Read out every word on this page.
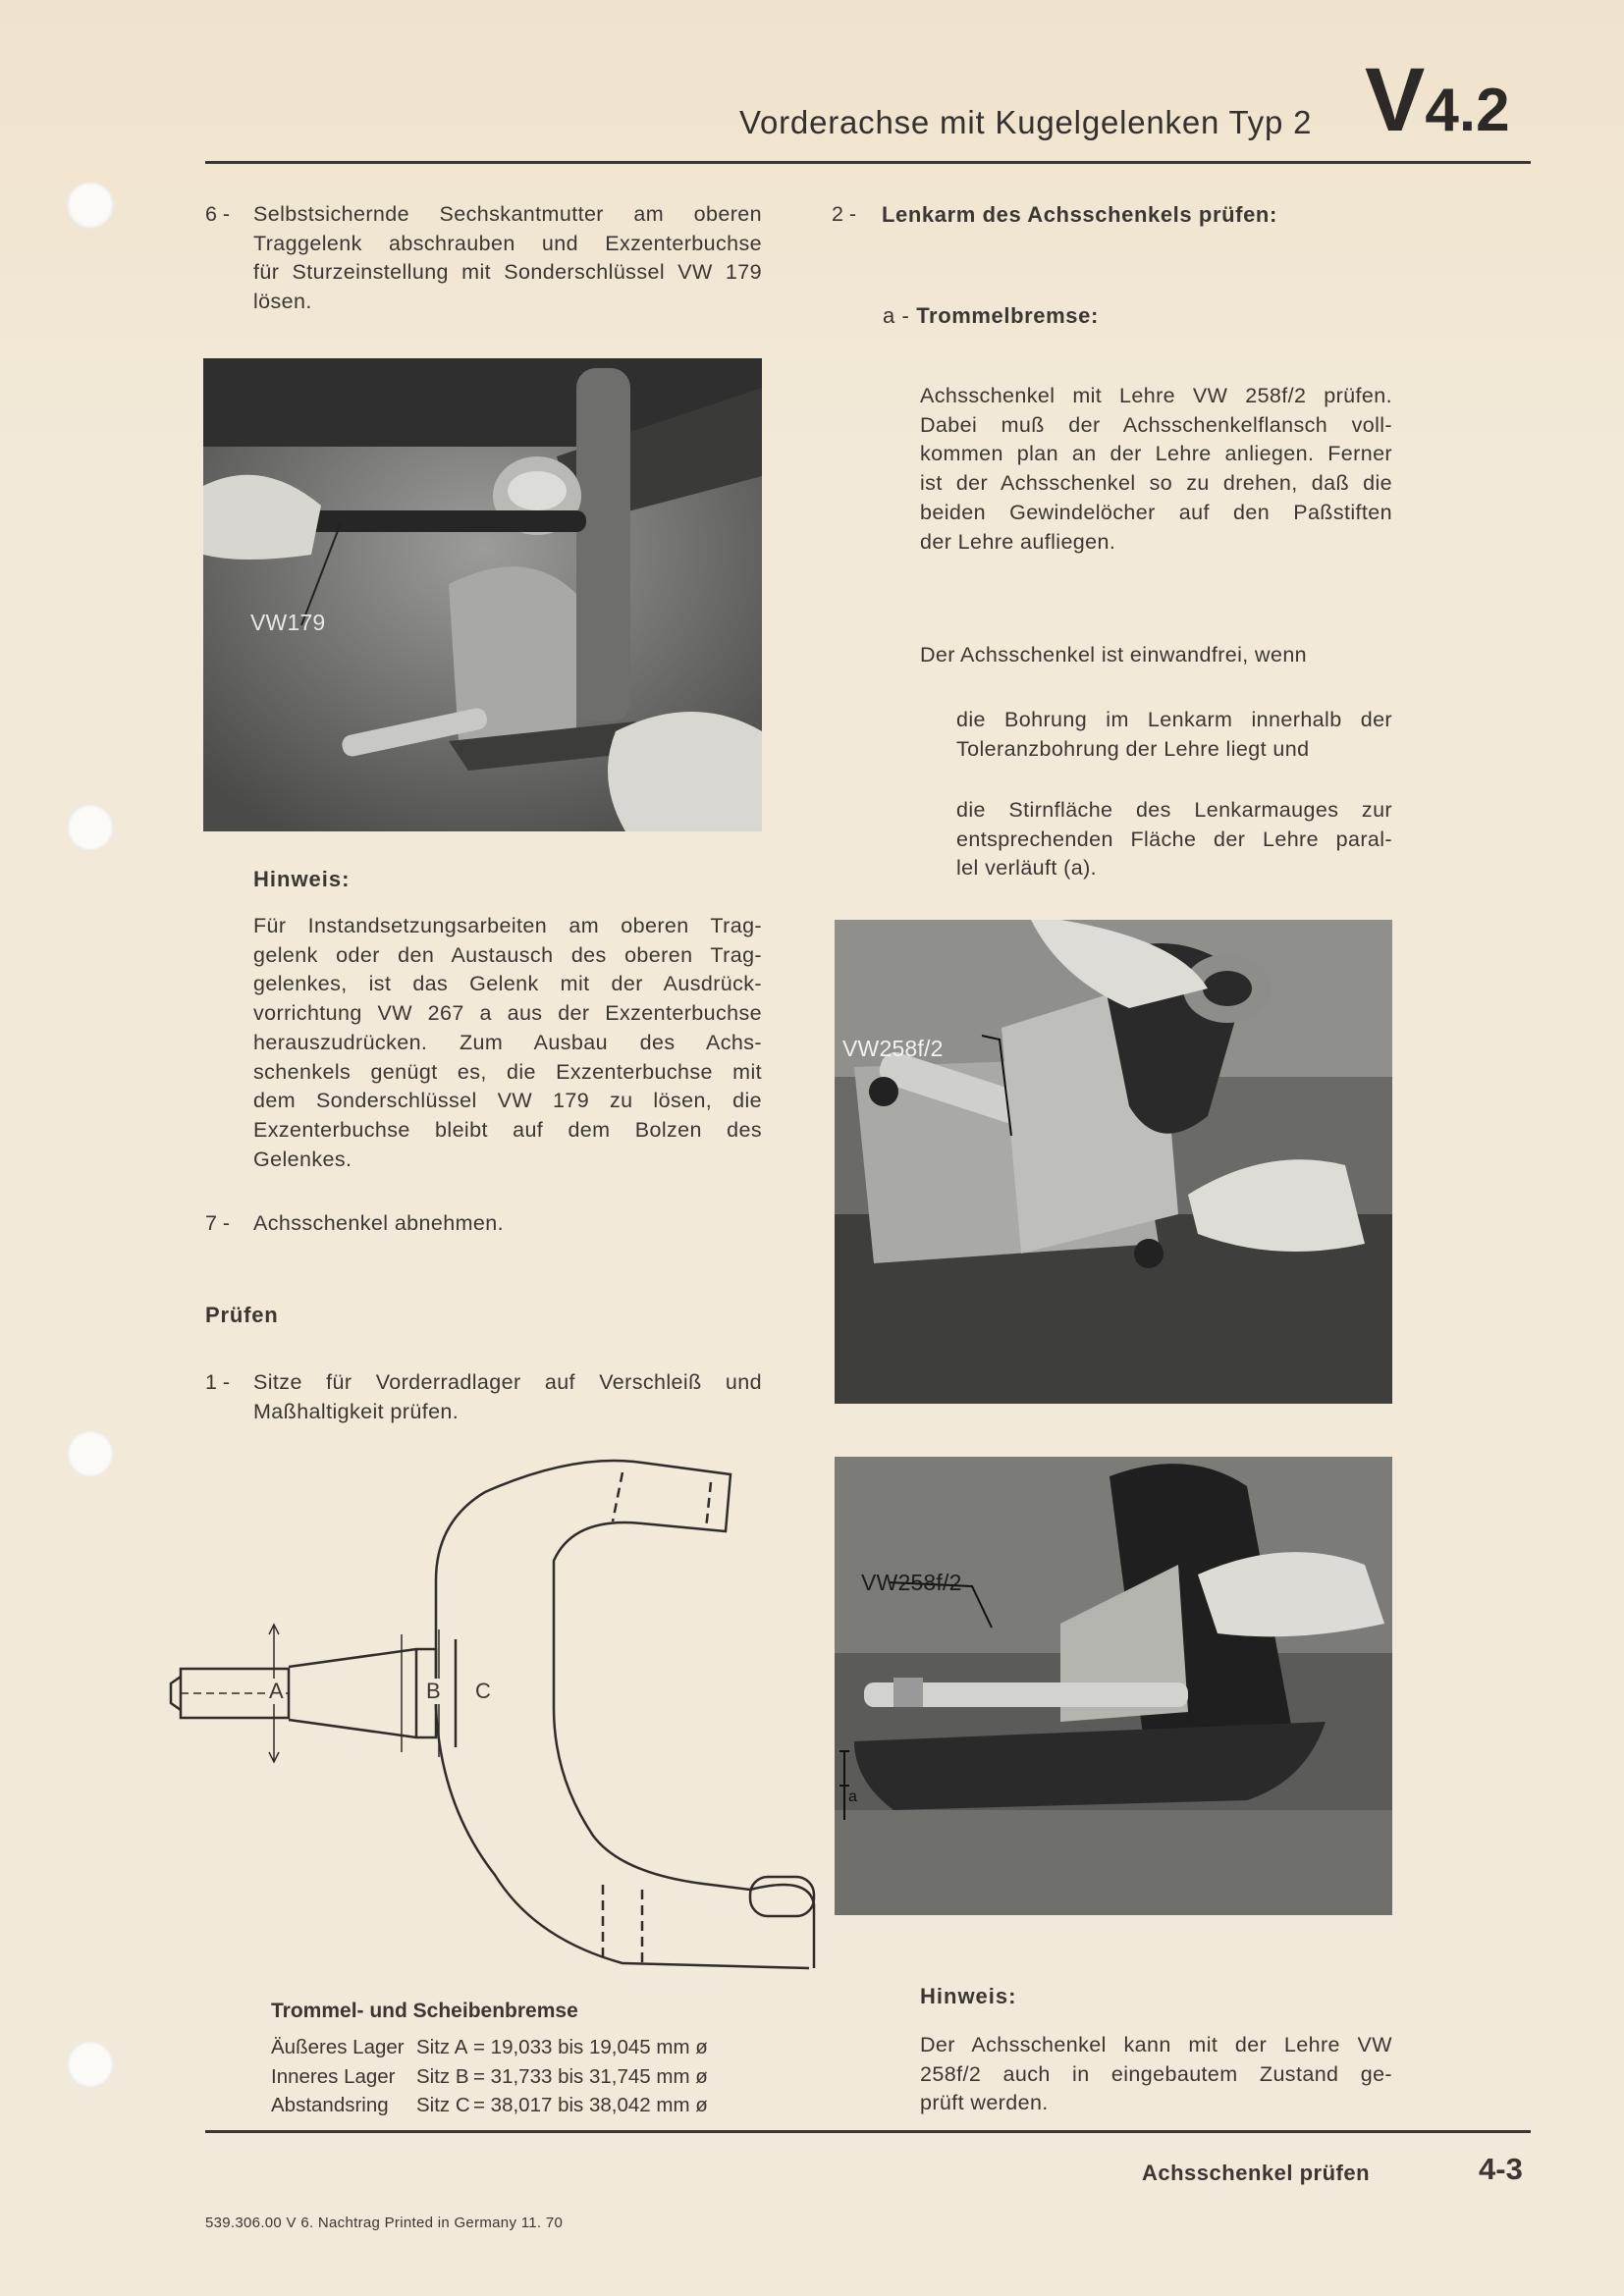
Vorderachse mit Kugelgelenken Typ 2 V4.2
6 - Selbstsichernde Sechskantmutter am oberen
Traggelenk abschrauben und Exzenterbuchse
für Sturzeinstellung mit Sonderschlüssel VW 179
lösen.
VW179
Hinweis:
Für Instandsetzungsarbeiten am oberen Trag-
gelenk oder den Austausch des oberen Trag-
gelenkes, ist das Gelenk mit der Ausdrück-
vorrichtung VW 267 a aus der Exzenterbuchse
herauszudrücken. Zum Ausbau des Achs-
schenkels genügt es, die Exzenterbuchse mit
dem Sonderschlüssel VW 179 zu lösen, die
Exzenterbuchse bleibt auf dem Bolzen des
Gelenkes.
7 - Achsschenkel abnehmen.
Prüfen
1 - Sitze für Vorderradlager auf Verschleiß und
Maßhaltigkeit prüfen.
A	B C
Trommel- und Scheibenbremse
Äußeres Lager Sitz A = 19,033 bis 19,045 mm ø
Inneres Lager	Sitz B = 31,733 bis 31,745 mm ø
Abstandsring	Sitz C = 38,017 bis 38,042 mm ø
2 - Lenkarm des Achsschenkels prüfen:
a - Trommelbremse:
Achsschenkel mit Lehre VW 258f/2 prüfen.
Dabei muß der Achsschenkelflansch voll-
kommen plan an der Lehre anliegen. Ferner
ist der Achsschenkel so zu drehen, daß die
beiden Gewindelöcher auf den Paßstiften
der Lehre aufliegen.
Der Achsschenkel ist einwandfrei, wenn
die Bohrung im Lenkarm innerhalb der
Toleranzbohrung der Lehre liegt und
die Stirnfläche des Lenkarmauges zur
entsprechenden Fläche der Lehre paral-
lel verläuft (a).
VW258f/2
VW258f/2
a
Hinweis:
Der Achsschenkel kann mit der Lehre VW
258f/2 auch in eingebautem Zustand ge-
prüft werden.
Achsschenkel prüfen	4-3
539.306.00 V 6. Nachtrag Printed in Germany 11. 70
